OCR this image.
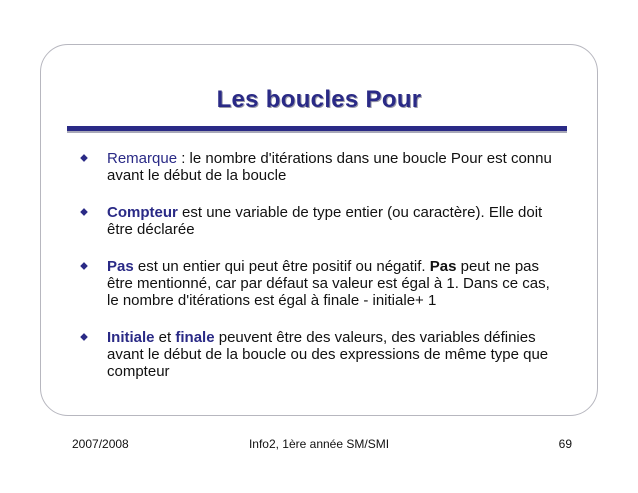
Les boucles Pour
Remarque : le nombre d'itérations dans une boucle Pour est connu avant le début de la boucle
Compteur est une variable de type entier (ou caractère). Elle doit être déclarée
Pas est un entier qui peut être positif ou négatif. Pas peut ne pas être mentionné, car par défaut sa valeur est égal à 1. Dans ce cas, le nombre d'itérations est égal à finale - initiale+ 1
Initiale et finale peuvent être des valeurs, des variables définies avant le début de la boucle ou des expressions de même type que compteur
2007/2008	Info2, 1ère année SM/SMI	69
